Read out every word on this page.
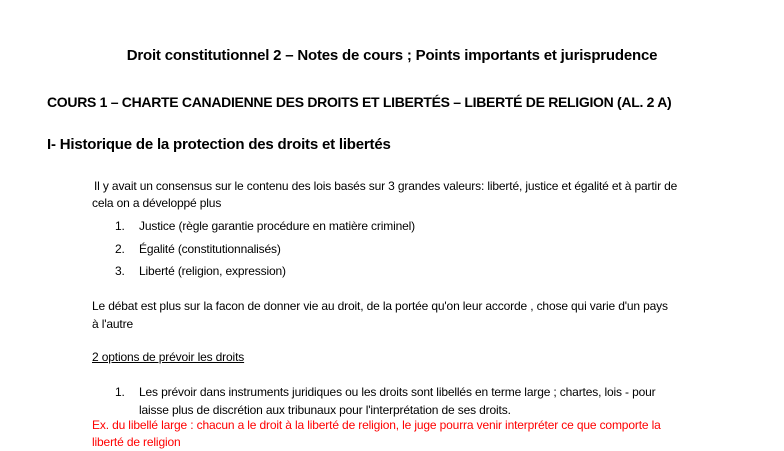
Droit constitutionnel 2 – Notes de cours ; Points importants et jurisprudence
COURS 1 – CHARTE CANADIENNE DES DROITS ET LIBERTÉS – LIBERTÉ DE RELIGION (AL. 2 A)
I- Historique de la protection des droits et libertés
Il y avait un consensus sur le contenu des lois basés sur 3 grandes valeurs: liberté, justice et égalité et à partir de
cela on a développé plus
1. Justice (règle garantie procédure en matière criminel)
2. Égalité (constitutionnalisés)
3. Liberté (religion, expression)
Le débat est plus sur la facon de donner vie au droit, de la portée qu'on leur accorde , chose qui varie d'un pays
à l'autre
2 options de prévoir les droits
1. Les prévoir dans instruments juridiques ou les droits sont libellés en terme large ; chartes, lois - pour
laisse plus de discrétion aux tribunaux pour l'interprétation de ses droits.
Ex. du libellé large : chacun a le droit à la liberté de religion, le juge pourra venir interpréter ce que comporte la
liberté de religion
